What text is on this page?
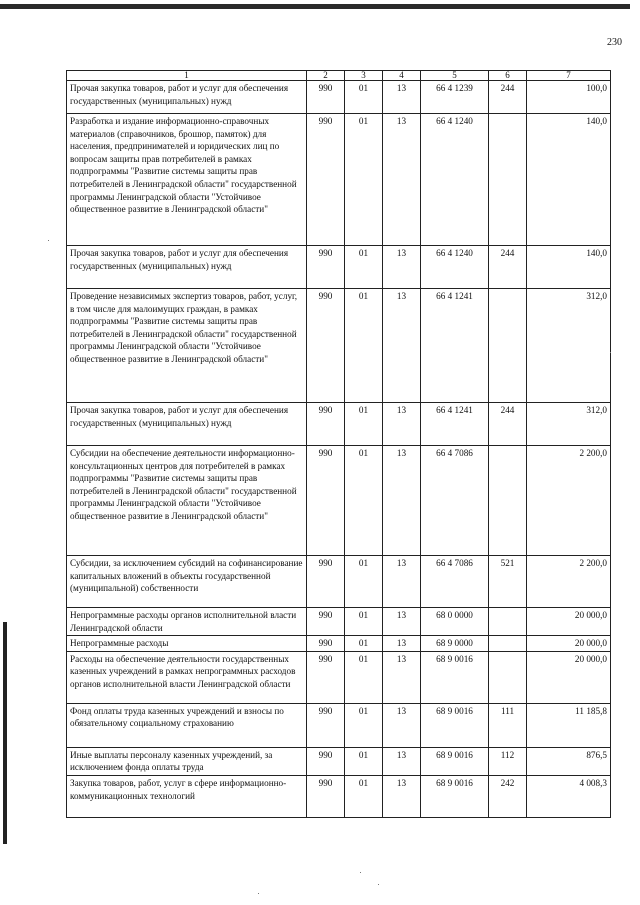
230
1	2	3	4	5	6	7
Прочая закупка товаров, работ и услуг для обеспечения государственных (муниципальных) нужд	990	01	13	66 4 1239	244	100,0
Разработка и издание информационно-справочных материалов (справочников, брошюр, памяток) для населения, предпринимателей и юридических лиц по вопросам защиты прав потребителей в рамках подпрограммы "Развитие системы защиты прав потребителей в Ленинградской области" государственной программы Ленинградской области "Устойчивое общественное развитие в Ленинградской области"	990	01	13	66 4 1240		140,0
Прочая закупка товаров, работ и услуг для обеспечения государственных (муниципальных) нужд	990	01	13	66 4 1240	244	140,0
Проведение независимых экспертиз товаров, работ, услуг, в том числе для малоимущих граждан, в рамках подпрограммы "Развитие системы защиты прав потребителей в Ленинградской области" государственной программы Ленинградской области "Устойчивое общественное развитие в Ленинградской области"	990	01	13	66 4 1241		312,0
Прочая закупка товаров, работ и услуг для обеспечения государственных (муниципальных) нужд	990	01	13	66 4 1241	244	312,0
Субсидии на обеспечение деятельности информационно-консультационных центров для потребителей в рамках подпрограммы "Развитие системы защиты прав потребителей в Ленинградской области" государственной программы Ленинградской области "Устойчивое общественное развитие в Ленинградской области"	990	01	13	66 4 7086		2 200,0
Субсидии, за исключением субсидий на софинансирование капитальных вложений в объекты государственной (муниципальной) собственности	990	01	13	66 4 7086	521	2 200,0
Непрограммные расходы органов исполнительной власти Ленинградской области	990	01	13	68 0 0000		20 000,0
Непрограммные расходы	990	01	13	68 9 0000		20 000,0
Расходы на обеспечение деятельности государственных казенных учреждений в рамках непрограммных расходов органов исполнительной власти Ленинградской области	990	01	13	68 9 0016		20 000,0
Фонд оплаты труда казенных учреждений и взносы по обязательному социальному страхованию	990	01	13	68 9 0016	111	11 185,8
Иные выплаты персоналу казенных учреждений, за исключением фонда оплаты труда	990	01	13	68 9 0016	112	876,5
Закупка товаров, работ, услуг в сфере информационно-коммуникационных технологий	990	01	13	68 9 0016	242	4 008,3
